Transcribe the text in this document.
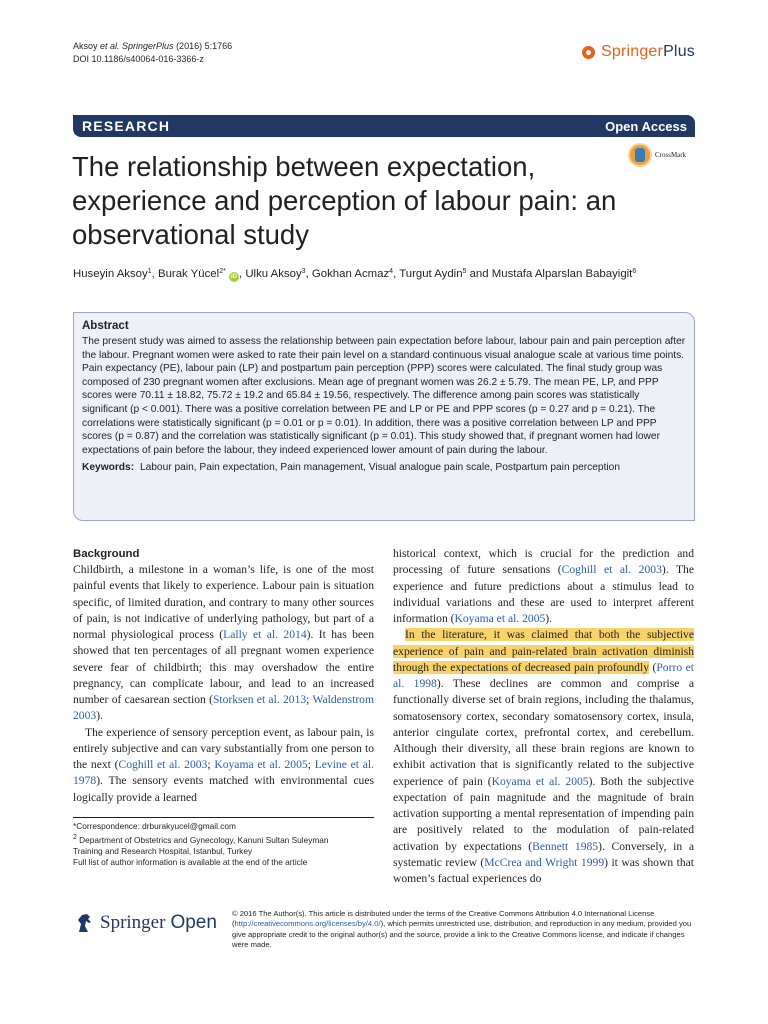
Aksoy et al. SpringerPlus (2016) 5:1766
DOI 10.1186/s40064-016-3366-z	SpringerPlus
RESEARCH	Open Access
CrossMark
The relationship between expectation, experience and perception of labour pain: an observational study
Huseyin Aksoy$^1$, Burak Yücel$^{2*}$ iD , Ulku Aksoy$^3$, Gokhan Acmaz$^4$, Turgut Aydin$^5$ and Mustafa Alparslan Babayigit$^6$
Abstract
The present study was aimed to assess the relationship between pain expectation before labour, labour pain and pain perception after the labour. Pregnant women were asked to rate their pain level on a standard continuous visual analogue scale at various time points. Pain expectancy (PE), labour pain (LP) and postpartum pain perception (PPP) scores were calculated. The final study group was composed of 230 pregnant women after exclusions. Mean age of pregnant women was 26.2 ± 5.79. The mean PE, LP, and PPP scores were 70.11 ± 18.82, 75.72 ± 19.2 and 65.84 ± 19.56, respectively. The difference among pain scores was statistically significant (p < 0.001). There was a positive correlation between PE and LP or PE and PPP scores (p = 0.27 and p = 0.21). The correlations were statistically significant (p = 0.01 or p = 0.01). In addition, there was a positive correlation between LP and PPP scores (p = 0.87) and the correlation was statistically significant (p = 0.01). This study showed that, if pregnant women had lower expectations of pain before the labour, they indeed experienced lower amount of pain during the labour.
Keywords: Labour pain, Pain expectation, Pain management, Visual analogue pain scale, Postpartum pain perception
Background

Childbirth, a milestone in a woman’s life, is one of the most painful events that likely to experience. Labour pain is situation specific, of limited duration, and contrary to many other sources of pain, is not indicative of underlying pathology, but part of a normal physiological process (Lally et al. 2014). It has been showed that ten percentages of all pregnant women experience severe fear of childbirth; this may overshadow the entire pregnancy, can complicate labour, and lead to an increased number of caesarean section (Storksen et al. 2013; Waldenstrom 2003).

The experience of sensory perception event, as labour pain, is entirely subjective and can vary substantially from one person to the next (Coghill et al. 2003; Koyama et al. 2005; Levine et al. 1978). The sensory events matched with environmental cues logically provide a learned

historical context, which is crucial for the prediction and processing of future sensations (Coghill et al. 2003). The experience and future predictions about a stimulus lead to individual variations and these are used to interpret afferent information (Koyama et al. 2005).

In the literature, it was claimed that both the subjective experience of pain and pain-related brain activation diminish through the expectations of decreased pain profoundly (Porro et al. 1998). These declines are common and comprise a functionally diverse set of brain regions, including the thalamus, somatosensory cortex, secondary somatosensory cortex, insula, anterior cingulate cortex, prefrontal cortex, and cerebellum. Although their diversity, all these brain regions are known to exhibit activation that is significantly related to the subjective experience of pain (Koyama et al. 2005). Both the subjective expectation of pain magnitude and the magnitude of brain activation supporting a mental representation of impending pain are positively related to the modulation of pain-related activation by expectations (Bennett 1985). Conversely, in a systematic review (McCrea and Wright 1999) it was shown that women’s factual experiences do

*Correspondence: drburakyucel@gmail.com
$^2$ Department of Obstetrics and Gynecology, Kanuni Sultan Suleyman
Training and Research Hospital, Istanbul, Turkey
Full list of author information is available at the end of the article
Springer Open © 2016 The Author(s). This article is distributed under the terms of the Creative Commons Attribution 4.0 International License (http://creativecommons.org/licenses/by/4.0/), which permits unrestricted use, distribution, and reproduction in any medium, provided you give appropriate credit to the original author(s) and the source, provide a link to the Creative Commons license, and indicate if changes were made.
